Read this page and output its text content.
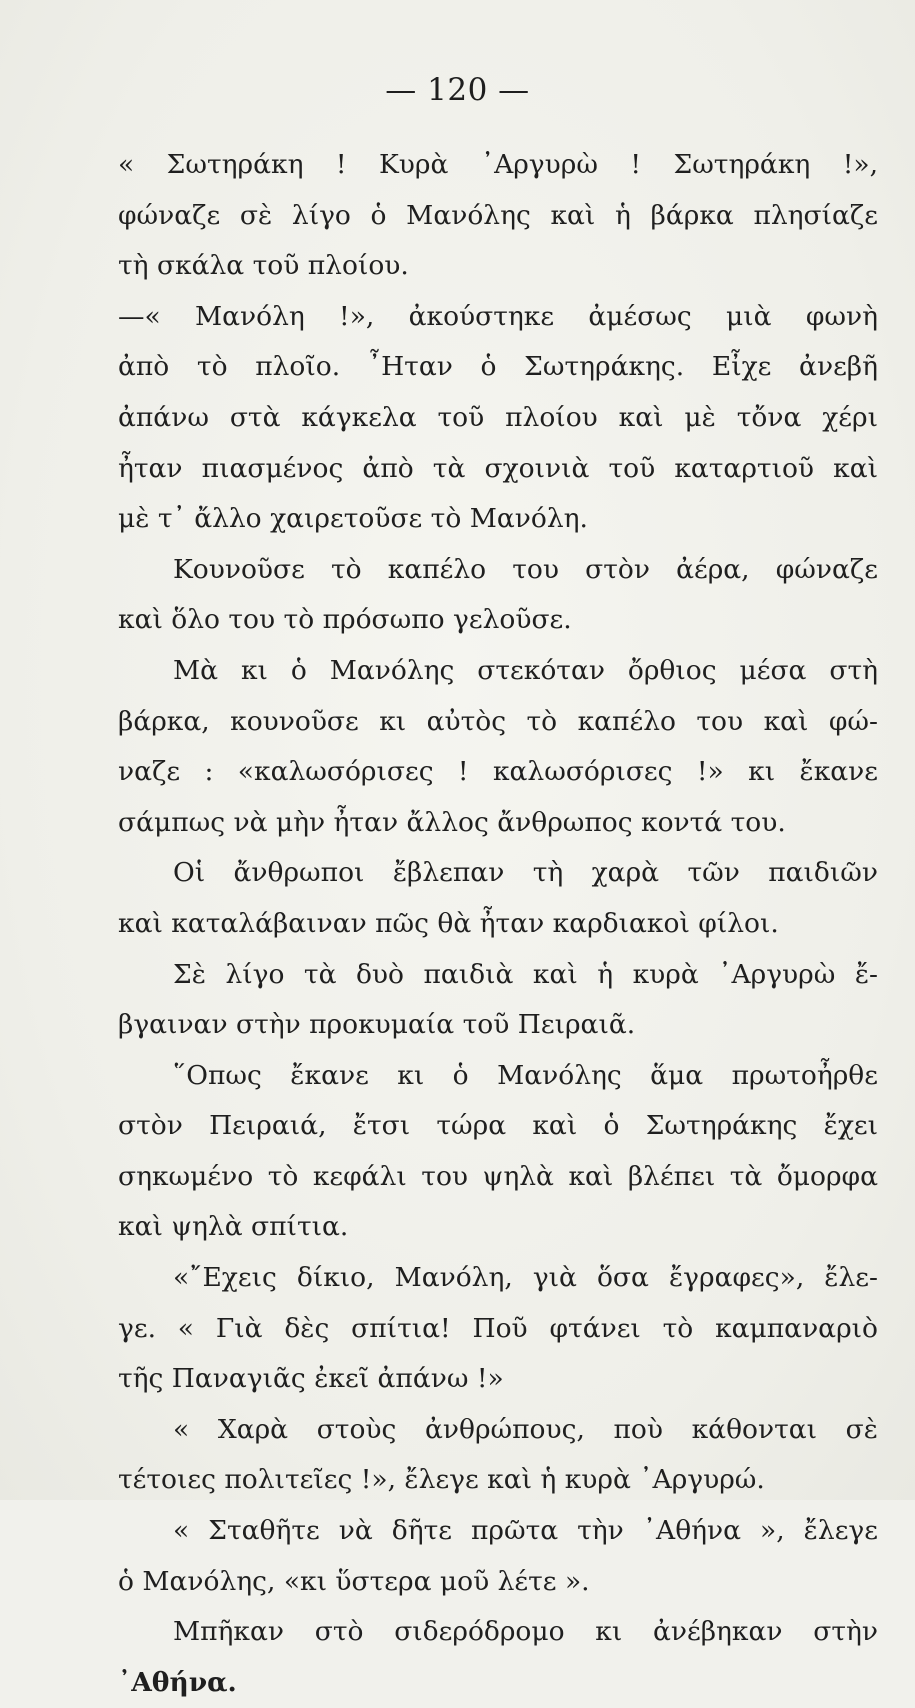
— 120 —
« Σωτηράκη ! Κυρὰ ᾿Αργυρὼ ! Σωτηράκη !»,
φώναζε σὲ λίγο ὁ Μανόλης καὶ ἡ βάρκα πλησίαζε
τὴ σκάλα τοῦ πλοίου.
—« Μανόλη !», ἀκούστηκε ἀμέσως μιὰ φωνὴ
ἀπὸ τὸ πλοῖο. ῏Ηταν ὁ Σωτηράκης. Εἶχε ἀνεβῆ
ἀπάνω στὰ κάγκελα τοῦ πλοίου καὶ μὲ τὄνα χέρι
ἦταν πιασμένος ἀπὸ τὰ σχοινιὰ τοῦ καταρτιοῦ καὶ
μὲ τ᾿ ἄλλο χαιρετοῦσε τὸ Μανόλη.
Κουνοῦσε τὸ καπέλο του στὸν ἀέρα, φώναζε
καὶ ὅλο του τὸ πρόσωπο γελοῦσε.
Μὰ κι ὁ Μανόλης στεκόταν ὄρθιος μέσα στὴ
βάρκα, κουνοῦσε κι αὐτὸς τὸ καπέλο του καὶ φώ-
ναζε : «καλωσόρισες ! καλωσόρισες !» κι ἔκανε
σάμπως νὰ μὴν ἦταν ἄλλος ἄνθρωπος κοντά του.
Οἱ ἄνθρωποι ἔβλεπαν τὴ χαρὰ τῶν παιδιῶν
καὶ καταλάβαιναν πῶς θὰ ἦταν καρδιακοὶ φίλοι.
Σὲ λίγο τὰ δυὸ παιδιὰ καὶ ἡ κυρὰ ᾿Αργυρὼ ἔ-
βγαιναν στὴν προκυμαία τοῦ Πειραιᾶ.
῞Οπως ἔκανε κι ὁ Μανόλης ἅμα πρωτοἦρθε
στὸν Πειραιά, ἔτσι τώρα καὶ ὁ Σωτηράκης ἔχει
σηκωμένο τὸ κεφάλι του ψηλὰ καὶ βλέπει τὰ ὄμορφα
καὶ ψηλὰ σπίτια.
«῎Εχεις δίκιο, Μανόλη, γιὰ ὅσα ἔγραφες», ἔλε-
γε. « Γιὰ δὲς σπίτια! Ποῦ φτάνει τὸ καμπαναριὸ
τῆς Παναγιᾶς ἐκεῖ ἀπάνω !»
« Χαρὰ στοὺς ἀνθρώπους, ποὺ κάθονται σὲ
τέτοιες πολιτεῖες !», ἔλεγε καὶ ἡ κυρὰ ᾿Αργυρώ.
« Σταθῆτε νὰ δῆτε πρῶτα τὴν ᾿Αθήνα », ἔλεγε
ὁ Μανόλης, «κι ὕστερα μοῦ λέτε ».
Μπῆκαν στὸ σιδερόδρομο κι ἀνέβηκαν στὴν
᾿Αθήνα.
